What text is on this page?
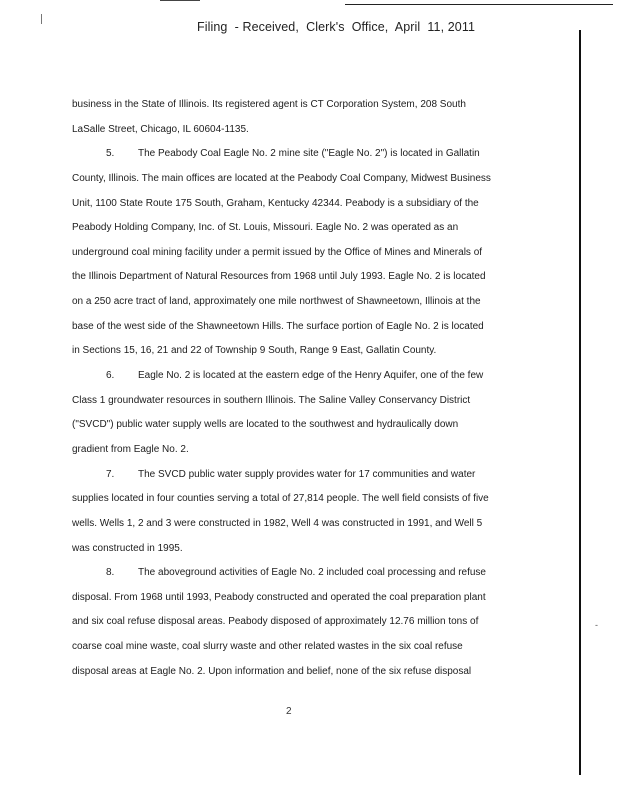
Filing  - Received,  Clerk's  Office,  April  11, 2011
business in the State of Illinois. Its registered agent is CT Corporation System, 208 South
LaSalle Street, Chicago, IL 60604-1135.
5. The Peabody Coal Eagle No. 2 mine site ("Eagle No. 2") is located in Gallatin
County, Illinois. The main offices are located at the Peabody Coal Company, Midwest Business
Unit, 1100 State Route 175 South, Graham, Kentucky 42344. Peabody is a subsidiary of the
Peabody Holding Company, Inc. of St. Louis, Missouri. Eagle No. 2 was operated as an
underground coal mining facility under a permit issued by the Office of Mines and Minerals of
the Illinois Department of Natural Resources from 1968 until July 1993. Eagle No. 2 is located
on a 250 acre tract of land, approximately one mile northwest of Shawneetown, Illinois at the
base of the west side of the Shawneetown Hills. The surface portion of Eagle No. 2 is located
in Sections 15, 16, 21 and 22 of Township 9 South, Range 9 East, Gallatin County.
6. Eagle No. 2 is located at the eastern edge of the Henry Aquifer, one of the few
Class 1 groundwater resources in southern Illinois. The Saline Valley Conservancy District
("SVCD") public water supply wells are located to the southwest and hydraulically down
gradient from Eagle No. 2.
7. The SVCD public water supply provides water for 17 communities and water
supplies located in four counties serving a total of 27,814 people. The well field consists of five
wells. Wells 1, 2 and 3 were constructed in 1982, Well 4 was constructed in 1991, and Well 5
was constructed in 1995.
8. The aboveground activities of Eagle No. 2 included coal processing and refuse
disposal. From 1968 until 1993, Peabody constructed and operated the coal preparation plant
and six coal refuse disposal areas. Peabody disposed of approximately 12.76 million tons of
coarse coal mine waste, coal slurry waste and other related wastes in the six coal refuse
disposal areas at Eagle No. 2. Upon information and belief, none of the six refuse disposal
-
2
